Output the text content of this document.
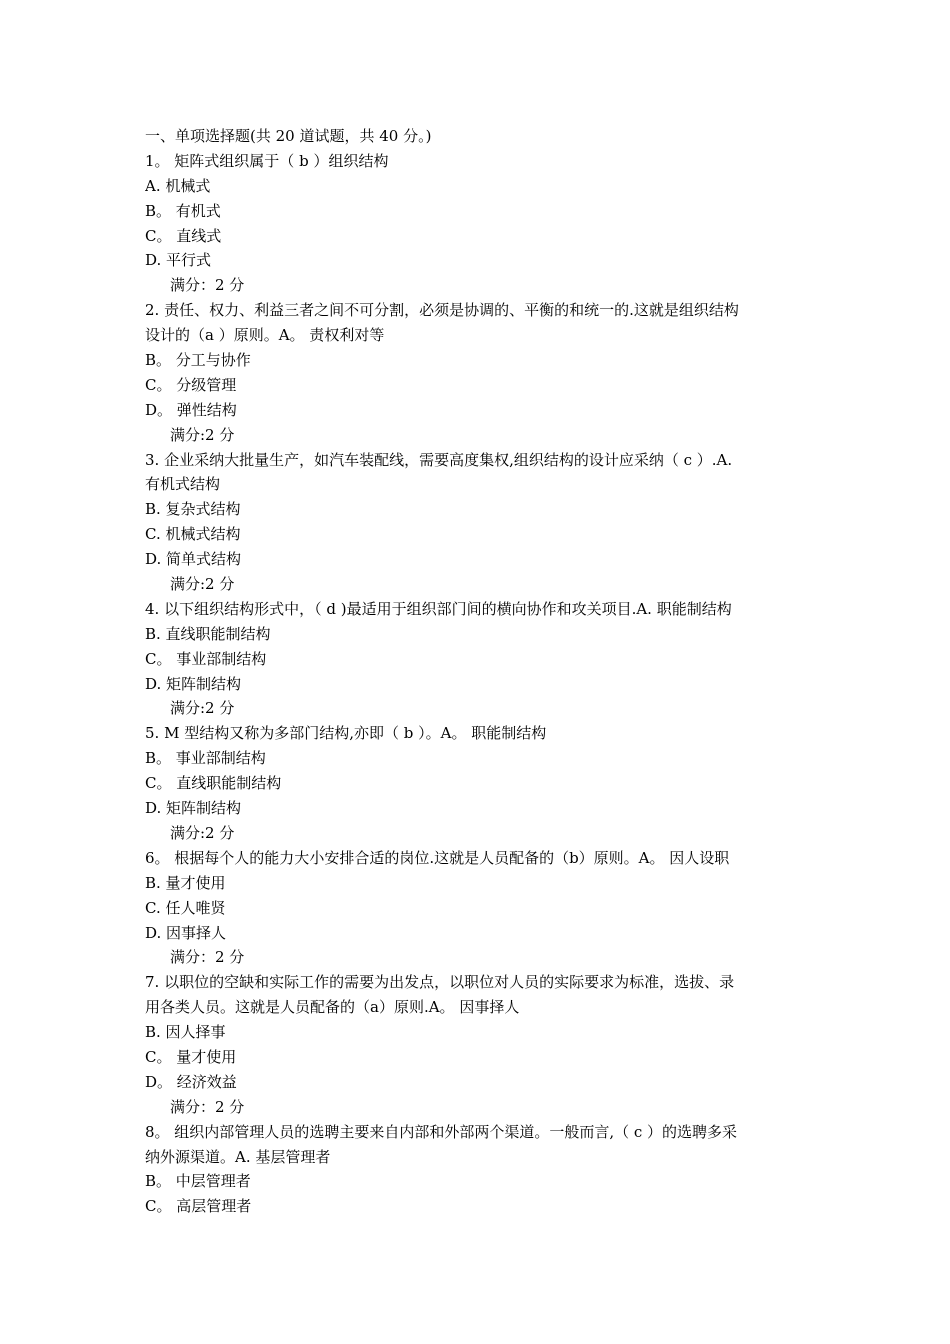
一、单项选择题(共 20 道试题，共 40 分。)
1。 矩阵式组织属于（ b ）组织结构
A. 机械式
B。 有机式
C。 直线式
D. 平行式
满分：2 分
2. 责任、权力、利益三者之间不可分割，必须是协调的、平衡的和统一的.这就是组织结构
设计的（a ）原则。A。 责权利对等
B。 分工与协作
C。 分级管理
D。 弹性结构
满分:2 分
3. 企业采纳大批量生产，如汽车装配线，需要高度集权,组织结构的设计应采纳（ c ）.A.
有机式结构
B. 复杂式结构
C. 机械式结构
D. 简单式结构
满分:2 分
4. 以下组织结构形式中，（ d )最适用于组织部门间的横向协作和攻关项目.A. 职能制结构
B. 直线职能制结构
C。 事业部制结构
D. 矩阵制结构
满分:2 分
5. M 型结构又称为多部门结构,亦即（ b ）。A。 职能制结构
B。 事业部制结构
C。 直线职能制结构
D. 矩阵制结构
满分:2 分
6。 根据每个人的能力大小安排合适的岗位.这就是人员配备的（b）原则。A。 因人设职
B. 量才使用
C. 任人唯贤
D. 因事择人
满分：2 分
7. 以职位的空缺和实际工作的需要为出发点，以职位对人员的实际要求为标准，选拔、录
用各类人员。这就是人员配备的（a）原则.A。 因事择人
B. 因人择事
C。 量才使用
D。 经济效益
满分：2 分
8。 组织内部管理人员的选聘主要来自内部和外部两个渠道。一般而言,（ c ）的选聘多采
纳外源渠道。A. 基层管理者
B。 中层管理者
C。 高层管理者
